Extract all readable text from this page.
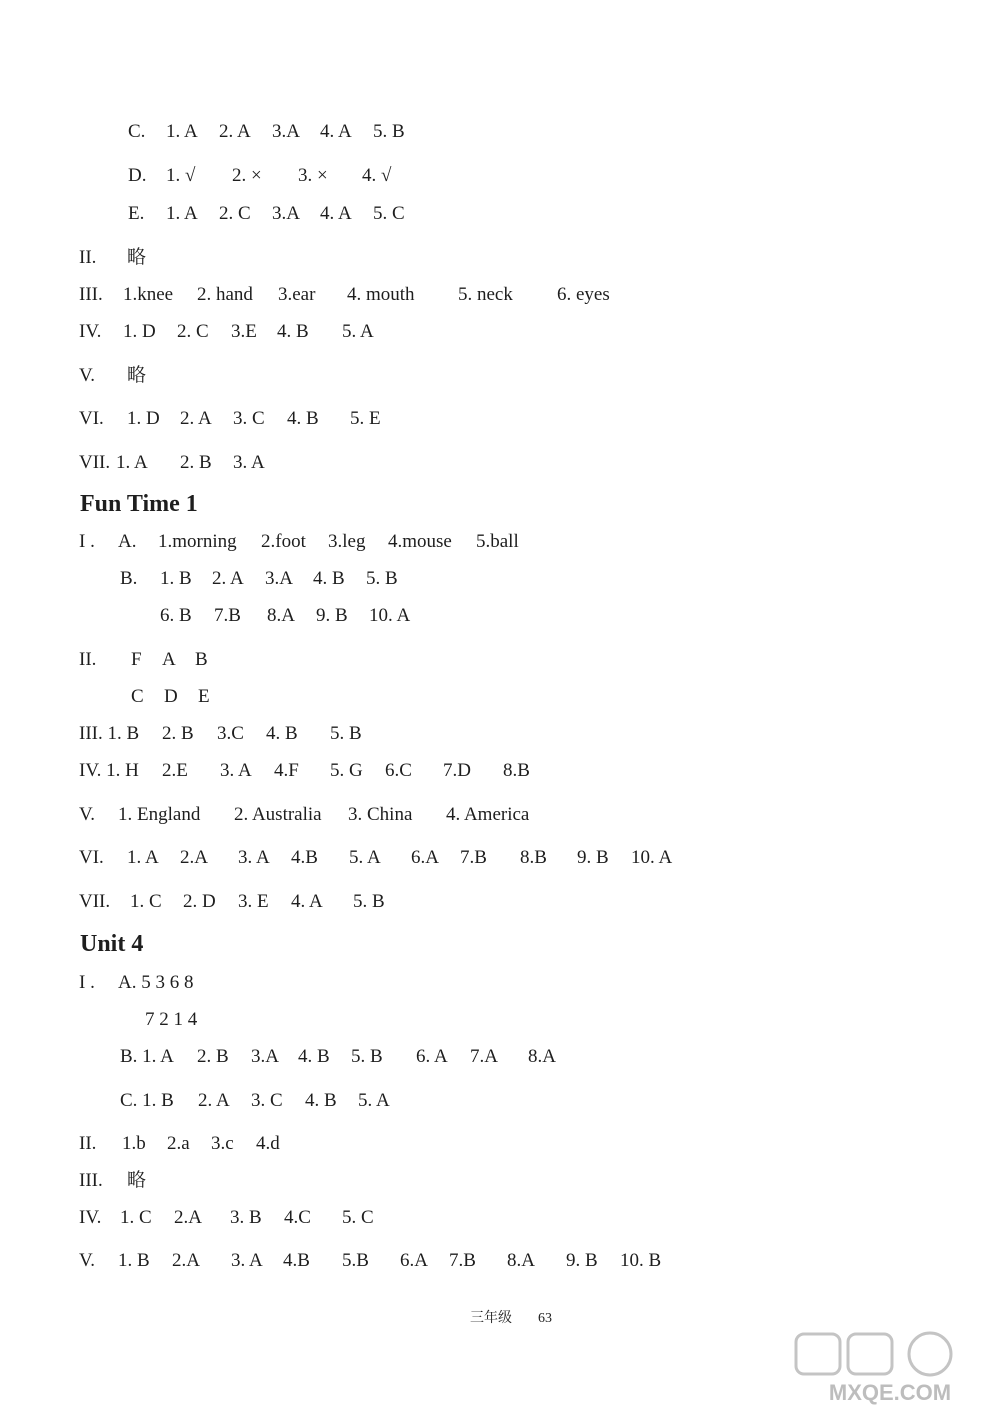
C. 1. A 2. A 3.A 4. A 5. B
D. 1. √ 2. × 3. × 4. √
E. 1. A 2. C 3.A 4. A 5. C
II. 略
III. 1.knee 2. hand 3.ear 4. mouth 5. neck 6. eyes
IV. 1. D 2. C 3.E 4. B 5. A
V. 略
VI. 1. D 2. A 3. C 4. B 5. E
VII. 1. A 2. B 3. A
I . A. 1.morning 2.foot 3.leg 4.mouse 5.ball
B. 1. B 2. A 3.A 4. B 5. B
6. B 7.B 8.A 9. B 10. A
II. F A B
C D E
III. 1. B 2. B 3.C 4. B 5. B
IV. 1. H 2.E 3. A 4.F 5. G 6.C 7.D 8.B
V. 1. England 2. Australia 3. China 4. America
VI. 1. A 2.A 3. A 4.B 5. A 6.A 7.B 8.B 9. B 10. A
VII. 1. C 2. D 3. E 4. A 5. B
I . A. 5 3 6 8
7 2 1 4
B. 1. A 2. B 3.A 4. B 5. B 6. A 7.A 8.A
C. 1. B 2. A 3. C 4. B 5. A
II. 1.b 2.a 3.c 4.d
III. 略
IV. 1. C 2.A 3. B 4.C 5. C
V. 1. B 2.A 3. A 4.B 5.B 6.A 7.B 8.A 9. B 10. B
Fun Time 1
Unit 4
三年级 63
MXQE.COM
